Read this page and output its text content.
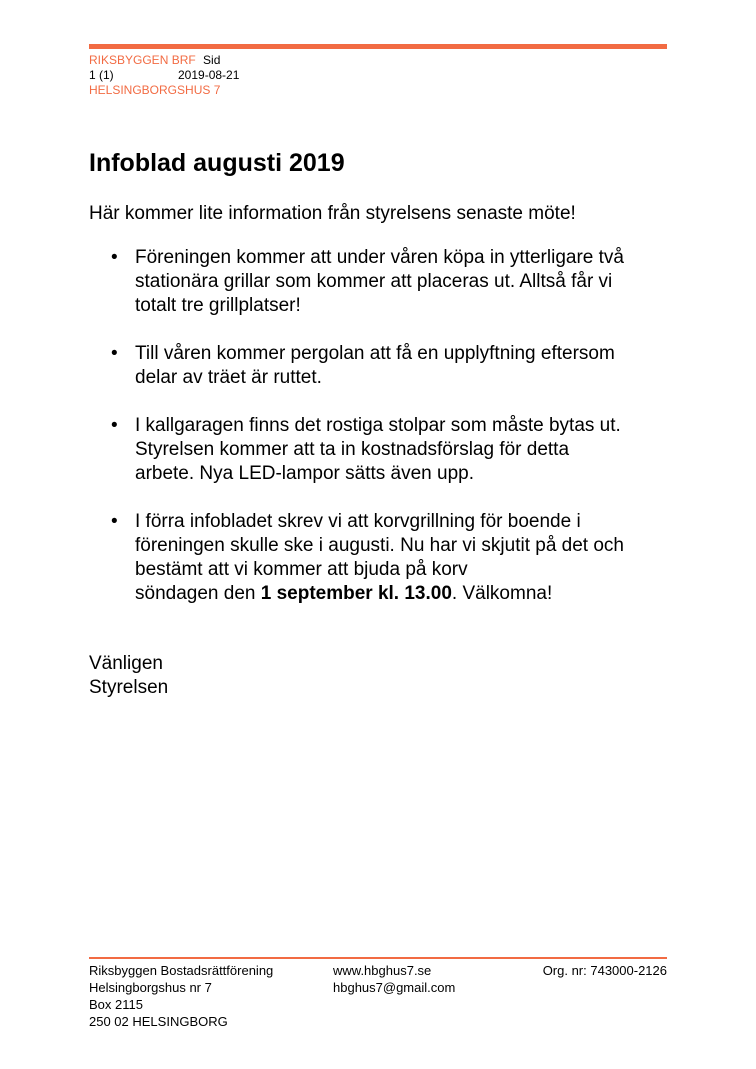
RIKSBYGGEN BRF Sid
1 (1)	2019-08-21
HELSINGBORGSHUS 7
Infoblad augusti 2019

Här kommer lite information från styrelsens senaste möte!

• Föreningen kommer att under våren köpa in ytterligare två
stationära grillar som kommer att placeras ut. Alltså får vi
totalt tre grillplatser!
• Till våren kommer pergolan att få en upplyftning eftersom
delar av träet är ruttet.
• I kallgaragen finns det rostiga stolpar som måste bytas ut.
Styrelsen kommer att ta in kostnadsförslag för detta
arbete. Nya LED-lampor sätts även upp.
• I förra infobladet skrev vi att korvgrillning för boende i
föreningen skulle ske i augusti. Nu har vi skjutit på det och
bestämt att vi kommer att bjuda på korv
söndagen den 1 september kl. 13.00. Välkomna!
Vänligen
Styrelsen
Riksbyggen Bostadsrättförening
Helsingborgshus nr 7
Box 2115
250 02 HELSINGBORG
www.hbghus7.se
hbghus7@gmail.com
Org. nr: 743000-2126
